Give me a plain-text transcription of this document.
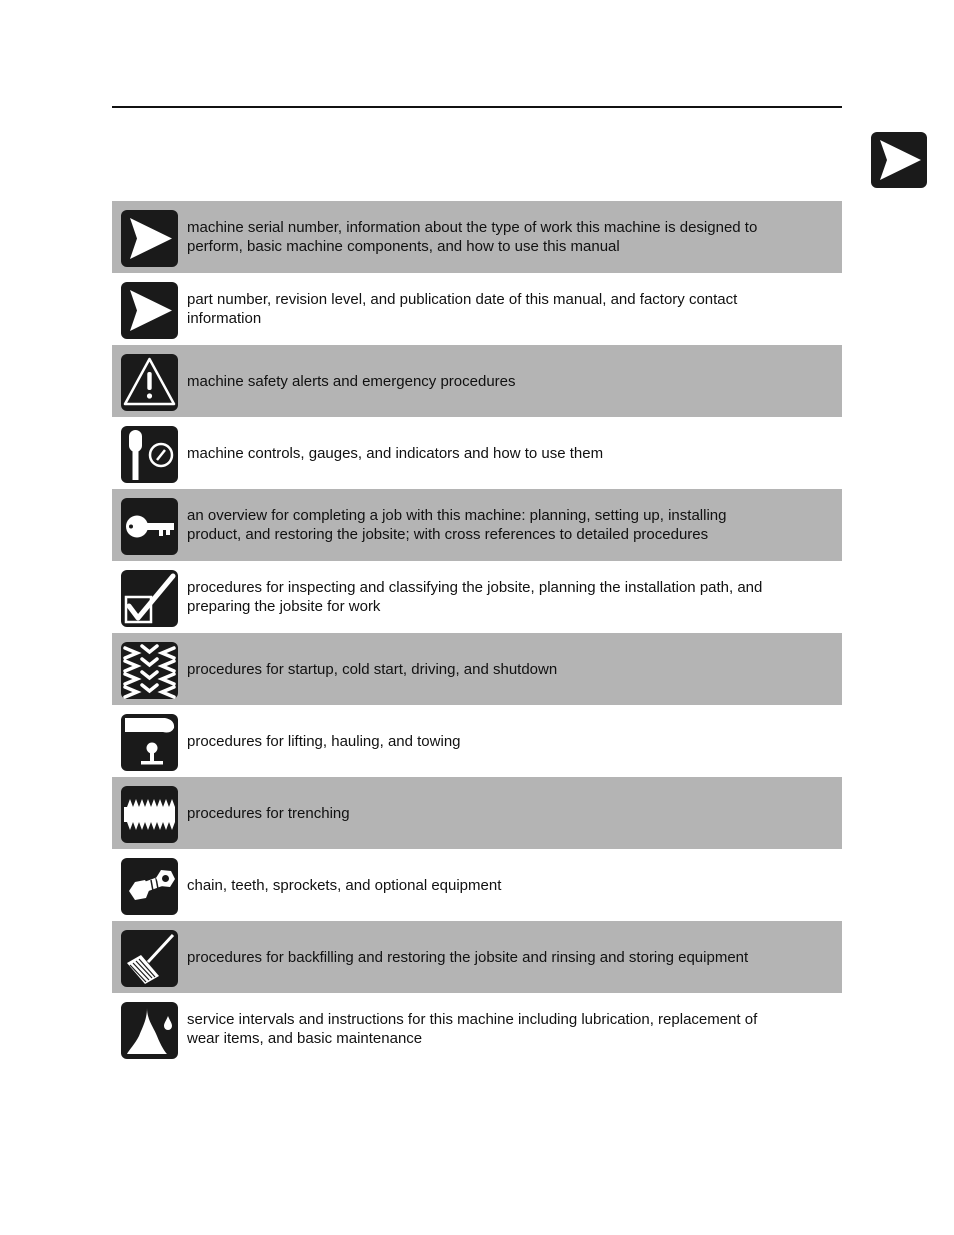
machine serial number, information about the type of work this machine is designed to perform, basic machine components, and how to use this manual
part number, revision level, and publication date of this manual, and factory contact information
machine safety alerts and emergency procedures
machine controls, gauges, and indicators and how to use them
an overview for completing a job with this machine: planning, setting up, installing product, and restoring the jobsite; with cross references to detailed procedures
procedures for inspecting and classifying the jobsite, planning the installation path, and preparing the jobsite for work
procedures for startup, cold start, driving, and shutdown
procedures for lifting, hauling, and towing
procedures for trenching
chain, teeth, sprockets, and optional equipment
procedures for backfilling and restoring the jobsite and rinsing and storing equipment
service intervals and instructions for this machine including lubrication, replacement of wear items, and basic maintenance
